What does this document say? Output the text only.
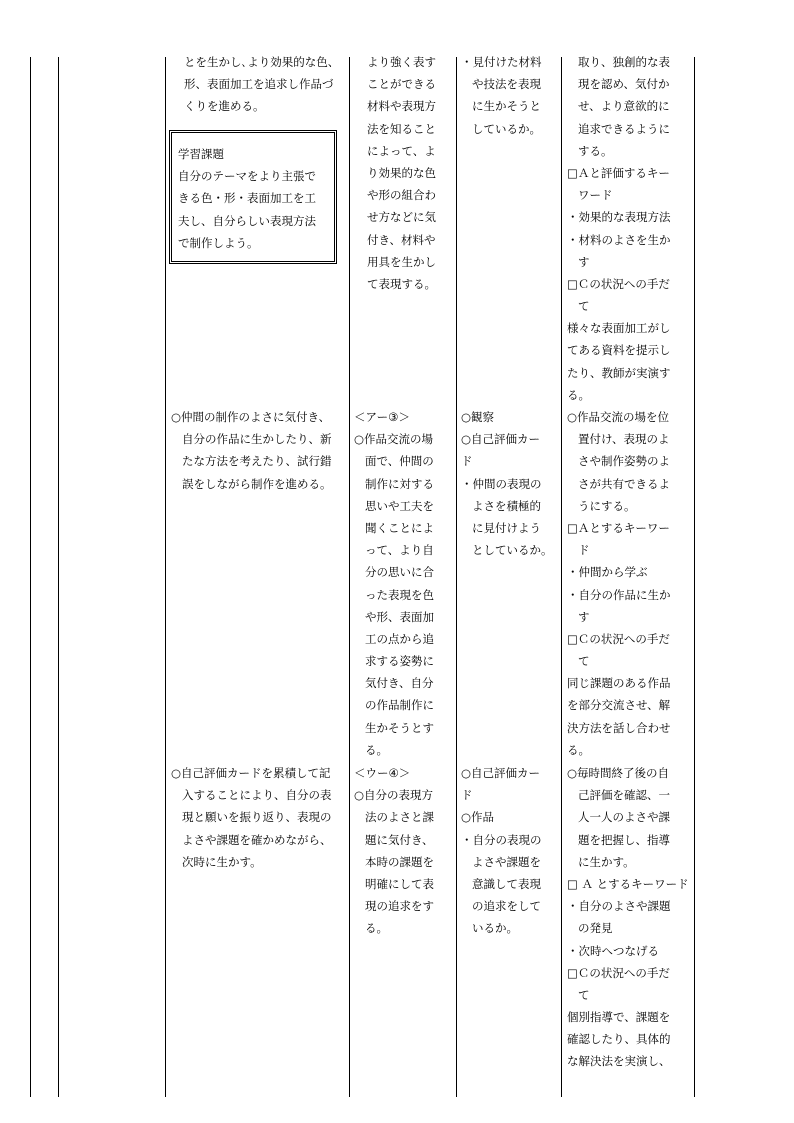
とを生かし､より効果的な色、
形、表面加工を追求し作品づ
くりを進める。
学習課題
自分のテーマをより主張で
きる色・形・表面加工を工
夫し、自分らしい表現方法
で制作しよう。
より強く表す
ことができる
材料や表現方
法を知ること
によって、よ
り効果的な色
や形の組合わ
せ方などに気
付き、材料や
用具を生かし
て表現する。
・見付けた材料
や技法を表現
に生かそうと
しているか。
取り、独創的な表
現を認め、気付か
せ、より意欲的に
追求できるように
する。
□Ａと評価するキー
ワード
・効果的な表現方法
・材料のよさを生か
す
□Ｃの状況への手だ
て
様々な表面加工がし
てある資料を提示し
たり、教師が実演す
る。
○仲間の制作のよさに気付き、
自分の作品に生かしたり、新
たな方法を考えたり、試行錯
誤をしながら制作を進める。
＜アー③＞
○作品交流の場
面で、仲間の
制作に対する
思いや工夫を
聞くことによ
って、より自
分の思いに合
った表現を色
や形、表面加
工の点から追
求する姿勢に
気付き、自分
の作品制作に
生かそうとす
る。
○観察
○自己評価カー
ド
・仲間の表現の
よさを積極的
に見付けよう
としているか。
○作品交流の場を位
置付け、表現のよ
さや制作姿勢のよ
さが共有できるよ
うにする。
□Ａとするキーワー
ド
・仲間から学ぶ
・自分の作品に生か
す
□Ｃの状況への手だ
て
同じ課題のある作品
を部分交流させ、解
決方法を話し合わせ
る。
○自己評価カードを累積して記
入することにより、自分の表
現と願いを振り返り、表現の
よさや課題を確かめながら、
次時に生かす。
＜ウー④＞
○自分の表現方
法のよさと課
題に気付き、
本時の課題を
明確にして表
現の追求をす
る。
○自己評価カー
ド
○作品
・自分の表現の
よさや課題を
意識して表現
の追求をして
いるか。
○毎時間終了後の自
己評価を確認、一
人一人のよさや課
題を把握し、指導
に生かす。
□ Ａ とするキーワード
・自分のよさや課題
の発見
・次時へつなげる
□Ｃの状況への手だ
て
個別指導で、課題を
確認したり、具体的
な解決法を実演し、
